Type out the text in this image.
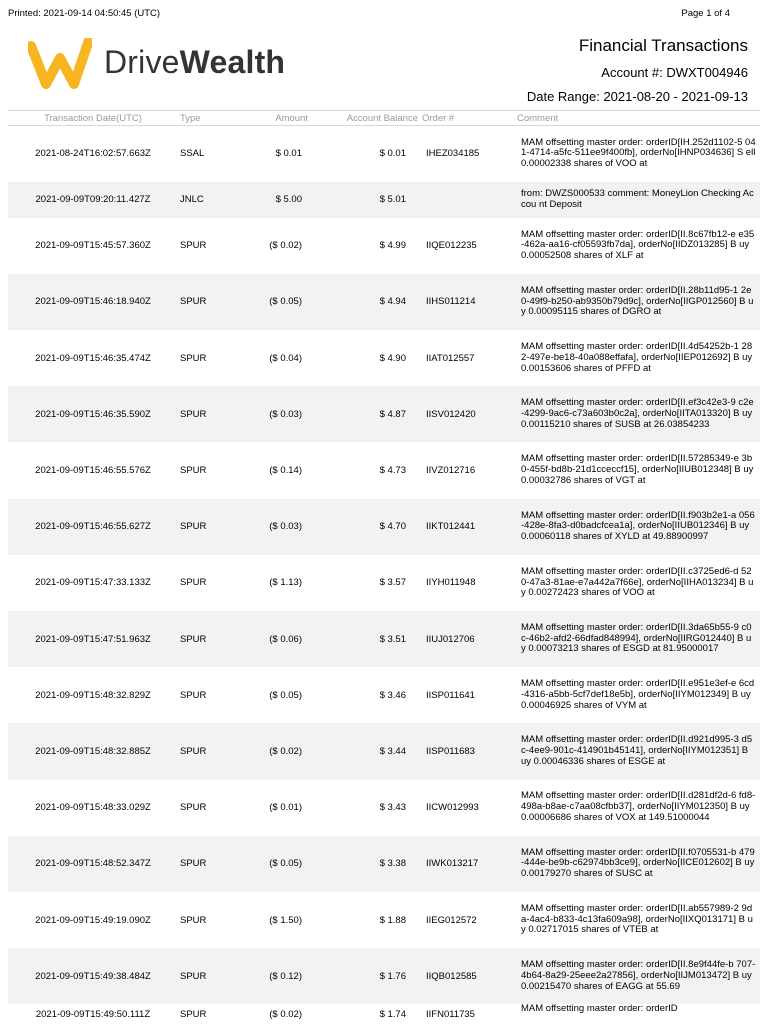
Printed: 2021-09-14 04:50:45 (UTC)	Page 1 of 4
DriveWealth	Financial Transactions
Account #: DWXT004946
Date Range: 2021-08-20 - 2021-09-13
Transaction Date(UTC)	Type	Amount	Account Balance	Order #	Comment
2021-08-24T16:02:57.663Z	SSAL	$ 0.01	$ 0.01	IHEZ034185	MAM offsetting master order: orderID[IH.252d1102-5 041-4714-a5fc-511ee9f400fb], orderNo[IHNP034636] S ell 0.00002338 shares of VOO at
2021-09-09T09:20:11.427Z	JNLC	$ 5.00	$ 5.01		from: DWZS000533 comment: MoneyLion Checking Accou nt Deposit
2021-09-09T15:45:57.360Z	SPUR	($ 0.02)	$ 4.99	IIQE012235	MAM offsetting master order: orderID[II.8c67fb12-e e35-462a-aa16-cf05593fb7da], orderNo[IIDZ013285] B uy 0.00052508 shares of XLF at
2021-09-09T15:46:18.940Z	SPUR	($ 0.05)	$ 4.94	IIHS011214	MAM offsetting master order: orderID[II.28b11d95-1 2e0-49f9-b250-ab9350b79d9c], orderNo[IIGP012560] B uy 0.00095115 shares of DGRO at
2021-09-09T15:46:35.474Z	SPUR	($ 0.04)	$ 4.90	IIAT012557	MAM offsetting master order: orderID[II.4d54252b-1 282-497e-be18-40a088effafa], orderNo[IIEP012692] B uy 0.00153606 shares of PFFD at
2021-09-09T15:46:35.590Z	SPUR	($ 0.03)	$ 4.87	IISV012420	MAM offsetting master order: orderID[II.ef3c42e3-9 c2e-4299-9ac6-c73a603b0c2a], orderNo[IITA013320] B uy 0.00115210 shares of SUSB at 26.03854233
2021-09-09T15:46:55.576Z	SPUR	($ 0.14)	$ 4.73	IIVZ012716	MAM offsetting master order: orderID[II.57285349-e 3b0-455f-bd8b-21d1cceccf15], orderNo[IIUB012348] B uy 0.00032786 shares of VGT at
2021-09-09T15:46:55.627Z	SPUR	($ 0.03)	$ 4.70	IIKT012441	MAM offsetting master order: orderID[II.f903b2e1-a 056-428e-8fa3-d0badcfcea1a], orderNo[IIUB012346] B uy 0.00060118 shares of XYLD at 49.88900997
2021-09-09T15:47:33.133Z	SPUR	($ 1.13)	$ 3.57	IIYH011948	MAM offsetting master order: orderID[II.c3725ed6-d 520-47a3-81ae-e7a442a7f66e], orderNo[IIHA013234] B uy 0.00272423 shares of VOO at
2021-09-09T15:47:51.963Z	SPUR	($ 0.06)	$ 3.51	IIUJ012706	MAM offsetting master order: orderID[II.3da65b55-9 c0c-46b2-afd2-66dfad848994], orderNo[IIRG012440] B uy 0.00073213 shares of ESGD at 81.95000017
2021-09-09T15:48:32.829Z	SPUR	($ 0.05)	$ 3.46	IISP011641	MAM offsetting master order: orderID[II.e951e3ef-e 6cd-4316-a5bb-5cf7def18e5b], orderNo[IIYM012349] B uy 0.00046925 shares of VYM at
2021-09-09T15:48:32.885Z	SPUR	($ 0.02)	$ 3.44	IISP011683	MAM offsetting master order: orderID[II.d921d995-3 d5c-4ee9-901c-414901b45141], orderNo[IIYM012351] B uy 0.00046336 shares of ESGE at
2021-09-09T15:48:33.029Z	SPUR	($ 0.01)	$ 3.43	IICW012993	MAM offsetting master order: orderID[II.d281df2d-6 fd8-498a-b8ae-c7aa08cfbb37], orderNo[IIYM012350] B uy 0.00006686 shares of VOX at 149.51000044
2021-09-09T15:48:52.347Z	SPUR	($ 0.05)	$ 3.38	IIWK013217	MAM offsetting master order: orderID[II.f0705531-b 479-444e-be9b-c62974bb3ce9], orderNo[IICE012602] B uy 0.00179270 shares of SUSC at
2021-09-09T15:49:19.090Z	SPUR	($ 1.50)	$ 1.88	IIEG012572	MAM offsetting master order: orderID[II.ab557989-2 9da-4ac4-b833-4c13fa609a98], orderNo[IIXQ013171] B uy 0.02717015 shares of VTEB at
2021-09-09T15:49:38.484Z	SPUR	($ 0.12)	$ 1.76	IIQB012585	MAM offsetting master order: orderID[II.8e9f44fe-b 707-4b64-8a29-25eee2a27856], orderNo[IIJM013472] B uy 0.00215470 shares of EAGG at 55.69
2021-09-09T15:49:50.111Z	SPUR	($ 0.02)	$ 1.74	IIFN011735	MAM offsetting master order: orderID
